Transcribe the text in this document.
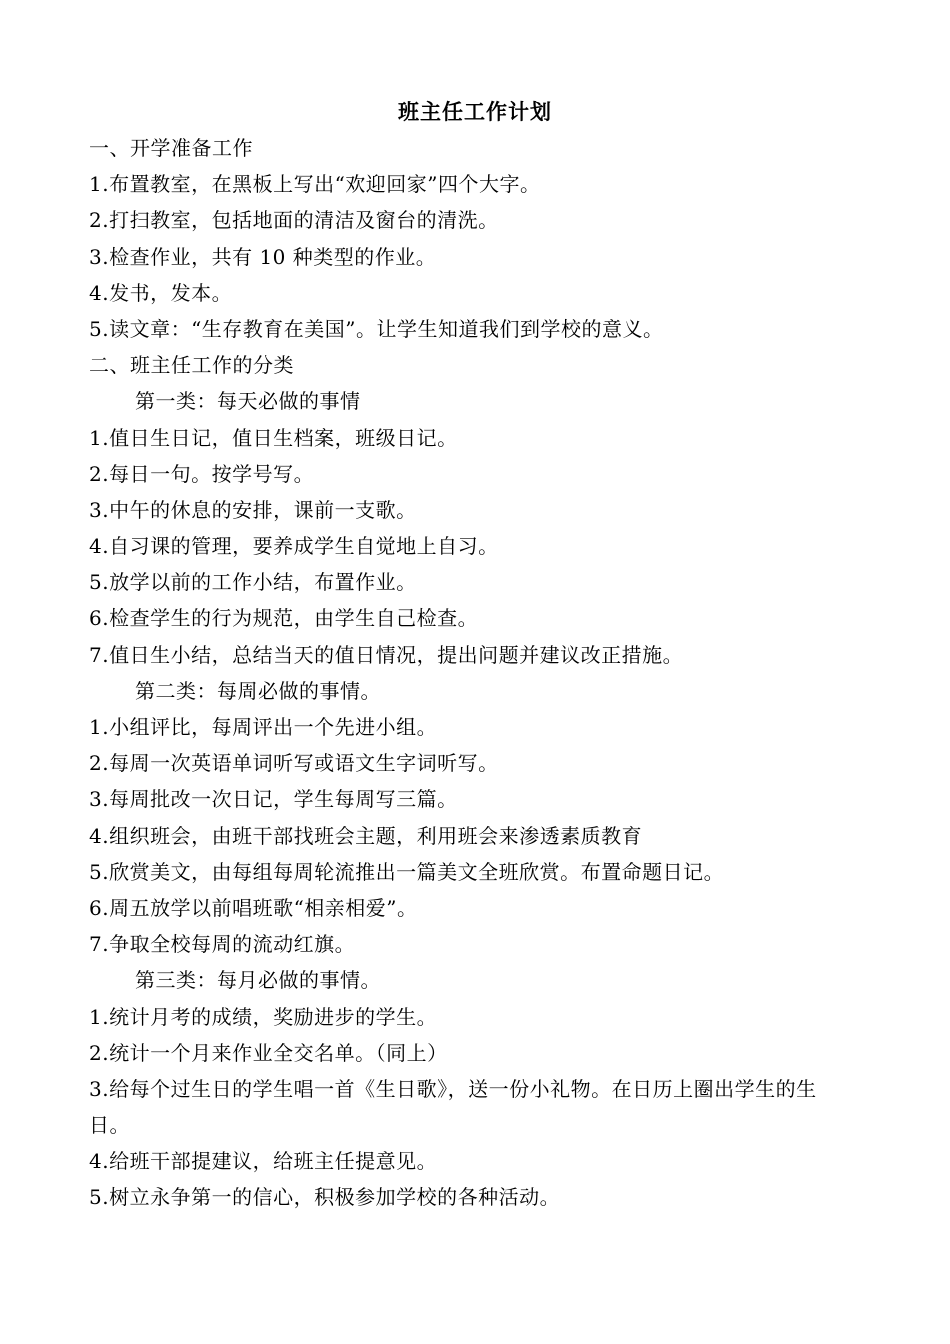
班主任工作计划
一、开学准备工作
1.布置教室，在黑板上写出“欢迎回家”四个大字。
2.打扫教室，包括地面的清洁及窗台的清洗。
3.检查作业，共有 10 种类型的作业。
4.发书，发本。
5.读文章：“生存教育在美国”。让学生知道我们到学校的意义。
二、班主任工作的分类
第一类：每天必做的事情
1.值日生日记，值日生档案，班级日记。
2.每日一句。按学号写。
3.中午的休息的安排，课前一支歌。
4.自习课的管理，要养成学生自觉地上自习。
5.放学以前的工作小结，布置作业。
6.检查学生的行为规范，由学生自己检查。
7.值日生小结，总结当天的值日情况，提出问题并建议改正措施。
第二类：每周必做的事情。
1.小组评比，每周评出一个先进小组。
2.每周一次英语单词听写或语文生字词听写。
3.每周批改一次日记，学生每周写三篇。
4.组织班会，由班干部找班会主题，利用班会来渗透素质教育
5.欣赏美文，由每组每周轮流推出一篇美文全班欣赏。布置命题日记。
6.周五放学以前唱班歌“相亲相爱”。
7.争取全校每周的流动红旗。
第三类：每月必做的事情。
1.统计月考的成绩，奖励进步的学生。
2.统计一个月来作业全交名单。（同上）
3.给每个过生日的学生唱一首《生日歌》，送一份小礼物。在日历上圈出学生的生
日。
4.给班干部提建议，给班主任提意见。
5.树立永争第一的信心，积极参加学校的各种活动。
